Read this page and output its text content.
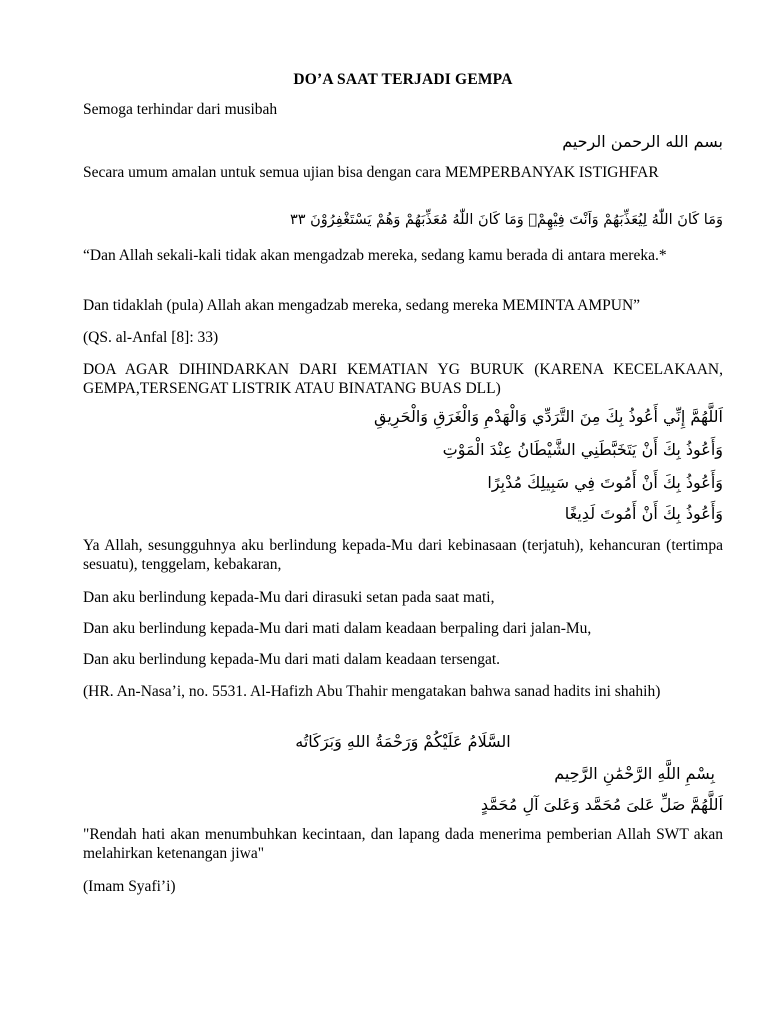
DO’A SAAT TERJADI GEMPA
Semoga terhindar dari musibah
بسم الله الرحمن الرحيم
Secara umum amalan untuk semua ujian bisa dengan cara MEMPERBANYAK ISTIGHFAR
وَمَا كَانَ اللّٰهُ لِيُعَذِّبَهُمْ وَاَنْتَ فِيْهِمْۚ وَمَا كَانَ اللّٰهُ مُعَذِّبَهُمْ وَهُمْ يَسْتَغْفِرُوْنَ ٣٣
“Dan Allah sekali-kali tidak akan mengadzab mereka, sedang kamu berada di antara mereka.*
Dan tidaklah (pula) Allah akan mengadzab mereka, sedang mereka MEMINTA AMPUN”
(QS. al-Anfal [8]: 33)
DOA AGAR DIHINDARKAN DARI KEMATIAN YG BURUK (KARENA KECELAKAAN, GEMPA,TERSENGAT LISTRIK ATAU BINATANG BUAS DLL)
اَللَّهُمَّ إِنِّي أَعُوذُ بِكَ مِنَ التَّرَدِّي وَالْهَدْمِ وَالْغَرَقِ وَالْحَرِيقِ
وَأَعُوذُ بِكَ أَنْ يَتَخَبَّطَنِي الشَّيْطَانُ عِنْدَ الْمَوْتِ
وَأَعُوذُ بِكَ أَنْ أَمُوتَ فِي سَبِيلِكَ مُدْبِرًا
وَأَعُوذُ بِكَ أَنْ أَمُوتَ لَدِيغًا
Ya Allah, sesungguhnya aku berlindung kepada-Mu dari kebinasaan (terjatuh), kehancuran (tertimpa sesuatu), tenggelam, kebakaran,
Dan aku berlindung kepada-Mu dari dirasuki setan pada saat mati,
Dan aku berlindung kepada-Mu dari mati dalam keadaan berpaling dari jalan-Mu,
Dan aku berlindung kepada-Mu dari mati dalam keadaan tersengat.
(HR. An-Nasa’i, no. 5531. Al-Hafizh Abu Thahir mengatakan bahwa sanad hadits ini shahih)
السَّلَامُ عَلَيْكُمْ وَرَحْمَةُ اللهِ وَبَرَكَاتُه
بِسْمِ اللَّهِ الرَّحْمَٰنِ الرَّحِيم
اَللَّهُمَّ صَلِّ عَلىَ مُحَمَّد وَعَلىَ آلِ مُحَمَّدٍ
"Rendah hati akan menumbuhkan kecintaan, dan lapang dada menerima pemberian Allah SWT akan melahirkan ketenangan jiwa"
(Imam Syafi’i)
